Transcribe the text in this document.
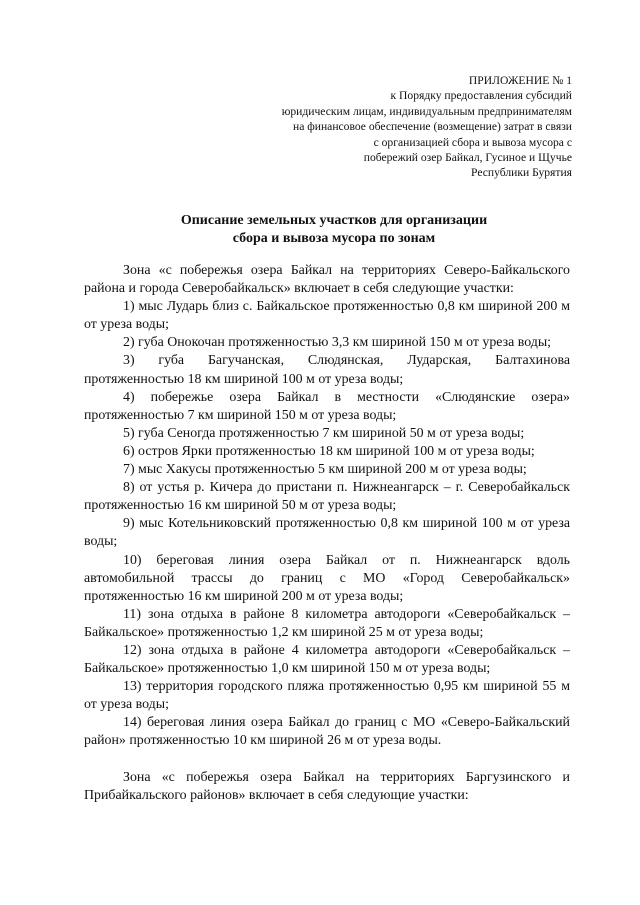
ПРИЛОЖЕНИЕ № 1
к Порядку предоставления субсидий
юридическим лицам, индивидуальным предпринимателям
на финансовое обеспечение (возмещение) затрат в связи
с организацией сбора и вывоза мусора с
побережий озер Байкал, Гусиное и Щучье
Республики Бурятия
Описание земельных участков для организации
сбора и вывоза мусора по зонам

Зона «с побережья озера Байкал на территориях Северо-Байкальского района и города Северобайкальск» включает в себя следующие участки:

1) мыс Лударь близ с. Байкальское протяженностью 0,8 км шириной 200 м от уреза воды;

2) губа Онокочан протяженностью 3,3 км шириной 150 м от уреза воды;

3) губа Багучанская, Слюдянская, Лударская, Балтахинова протяженностью 18 км шириной 100 м от уреза воды;

4) побережье озера Байкал в местности «Слюдянские озера» протяженностью 7 км шириной 150 м от уреза воды;

5) губа Сеногда протяженностью 7 км шириной 50 м от уреза воды;

6) остров Ярки протяженностью 18 км шириной 100 м от уреза воды;

7) мыс Хакусы протяженностью 5 км шириной 200 м от уреза воды;

8) от устья р. Кичера до пристани п. Нижнеангарск – г. Северобайкальск протяженностью 16 км шириной 50 м от уреза воды;

9) мыс Котельниковский протяженностью 0,8 км шириной 100 м от уреза воды;

10) береговая линия озера Байкал от п. Нижнеангарск вдоль автомобильной трассы до границ с МО «Город Северобайкальск» протяженностью 16 км шириной 200 м от уреза воды;

11) зона отдыха в районе 8 километра автодороги «Северобайкальск – Байкальское» протяженностью 1,2 км шириной 25 м от уреза воды;

12) зона отдыха в районе 4 километра автодороги «Северобайкальск – Байкальское» протяженностью 1,0 км шириной 150 м от уреза воды;

13) территория городского пляжа протяженностью 0,95 км шириной 55 м от уреза воды;

14) береговая линия озера Байкал до границ с МО «Северо-Байкальский район» протяженностью 10 км шириной 26 м от уреза воды.

Зона «с побережья озера Байкал на территориях Баргузинского и Прибайкальского районов» включает в себя следующие участки:
